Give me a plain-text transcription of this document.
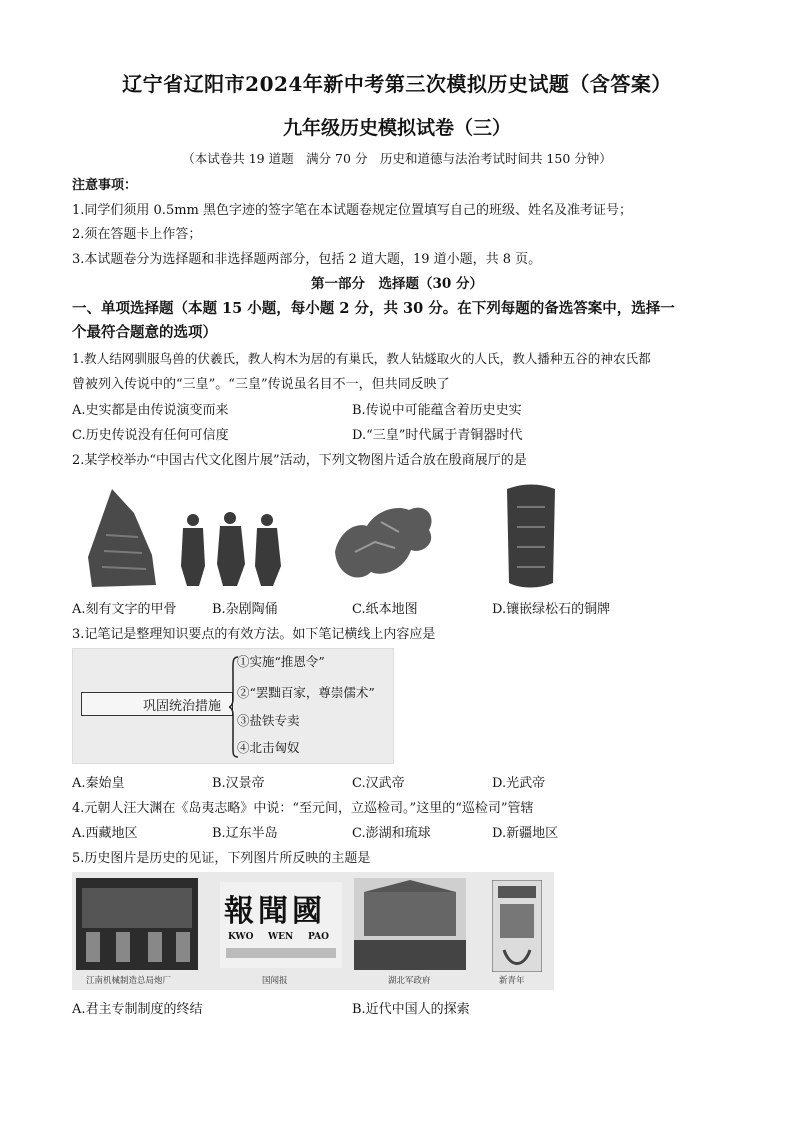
辽宁省辽阳市2024年新中考第三次模拟历史试题（含答案）
九年级历史模拟试卷（三）
（本试卷共 19 道题　满分 70 分　历史和道德与法治考试时间共 150 分钟）
注意事项：
1.同学们须用 0.5mm 黑色字迹的签字笔在本试题卷规定位置填写自己的班级、姓名及准考证号；
2.须在答题卡上作答；
3.本试题卷分为选择题和非选择题两部分，包括 2 道大题，19 道小题，共 8 页。
第一部分　选择题（30 分）
一、单项选择题（本题 15 小题，每小题 2 分，共 30 分。在下列每题的备选答案中，选择一
个最符合题意的选项）
1.教人结网驯服鸟兽的伏羲氏，教人构木为居的有巢氏，教人钻燧取火的人氏，教人播种五谷的神农氏都
曾被列入传说中的“三皇”。“三皇”传说虽名目不一，但共同反映了
A.史实都是由传说演变而来	B.传说中可能蕴含着历史史实
C.历史传说没有任何可信度	D.“三皇”时代属于青铜器时代
2.某学校举办“中国古代文化图片展”活动，下列文物图片适合放在殷商展厅的是
A.刻有文字的甲骨	B.杂剧陶俑	C.纸本地图	D.镶嵌绿松石的铜牌
3.记笔记是整理知识要点的有效方法。如下笔记横线上内容应是
巩固统治措施
①实施“推恩令”
②“罢黜百家，尊崇儒术”
③盐铁专卖
④北击匈奴
A.秦始皇	B.汉景帝	C.汉武帝	D.光武帝
4.元朝人汪大渊在《岛夷志略》中说：“至元间，立巡检司。”这里的“巡检司”管辖
A.西藏地区	B.辽东半岛	C.澎湖和琉球	D.新疆地区
5.历史图片是历史的见证，下列图片所反映的主题是
江南机械制造总局炮厂
報聞國
KWO WEN PAO
国闻报	湖北军政府	新青年
A.君主专制制度的终结	B.近代中国人的探索
